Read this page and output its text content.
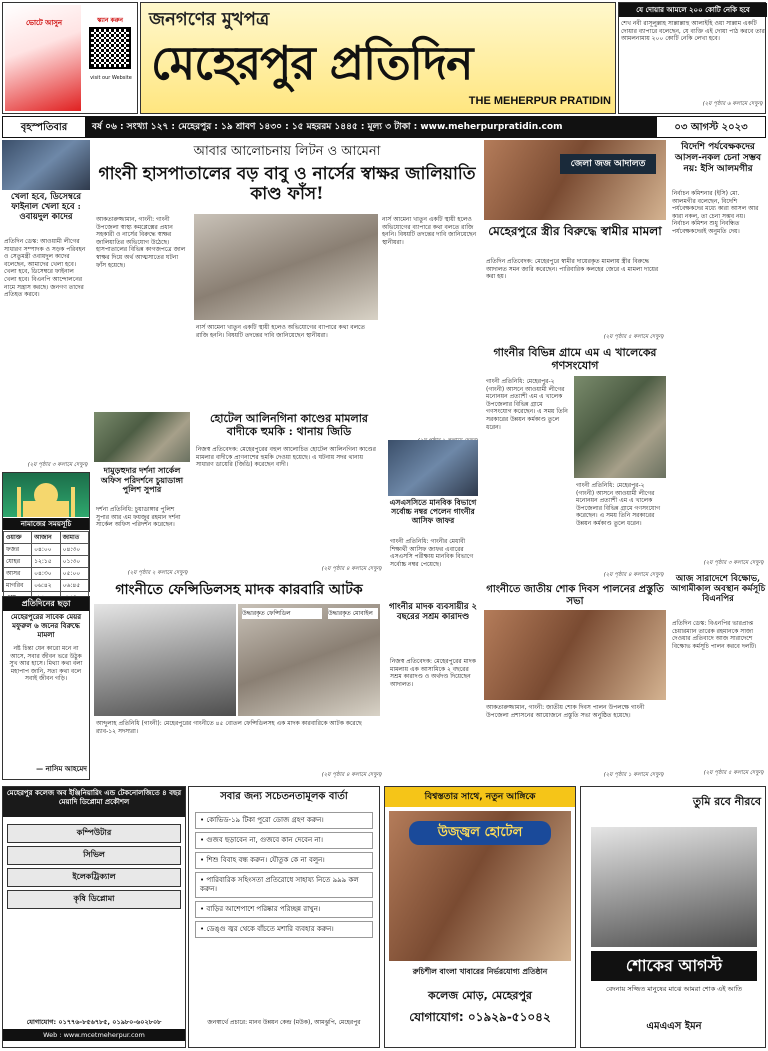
ভোটে আসুন	স্ক্যান করুন
visit our Website
জনগণের মুখপত্র
মেহেরপুর প্রতিদিন
THE MEHERPUR PRATIDIN
যে দোয়ার আমলে ২০০ কোটি নেকি হবে
শেখ নবী রাসূলুল্লাহ সাল্লাল্লাহু আলাইহি ওয়া সাল্লাম একটি দোয়ার ব্যাপারে বলেছেন, যে ব্যক্তি এই দোয়া পাঠ করবে তার আমলনামায় ২০০ কোটি নেকি লেখা হবে।
(২য় পৃষ্ঠার ৬ কলামে দেখুন)
বৃহস্পতিবার	বর্ষ ০৬ : সংখ্যা ১২৭ : মেহেরপুর : ১৯ শ্রাবণ ১৪৩০ : ১৫ মহররম ১৪৪৫ : মূল্য ৩ টাকা : www.meherpurpratidin.com	০৩ আগস্ট ২০২৩
খেলা হবে, ডিসেম্বরে ফাইনাল খেলা হবে : ওবায়দুল কাদের
প্রতিদিন ডেস্ক: আওয়ামী লীগের সাধারণ সম্পাদক ও সড়ক পরিবহন ও সেতুমন্ত্রী ওবায়দুল কাদের বলেছেন, আমাদের খেলা হবে। খেলা হবে, ডিসেম্বরে ফাইনাল খেলা হবে। বিএনপি আন্দোলনের নামে সন্ত্রাস করছে। জনগণ তাদের প্রতিহত করবে।
(২য় পৃষ্ঠার ৩ কলামে দেখুন)
আবার আলোচনায় লিটন ও আমেনা
গাংনী হাসপাতালের বড় বাবু ও নার্সের স্বাক্ষর জালিয়াতি কাণ্ড ফাঁস!
আকতারুজ্জামান, গাংনী: গাংনী উপজেলা স্বাস্থ্য কমপ্লেক্সের প্রধান সহকারী ও নার্সের বিরুদ্ধে স্বাক্ষর জালিয়াতির অভিযোগ উঠেছে। হাসপাতালের বিভিন্ন কাগজপত্রে জাল স্বাক্ষর দিয়ে অর্থ আত্মসাতের ঘটনা ফাঁস হয়েছে।
নার্স আমেনা খাতুন একটি স্থায়ী হলেও অভিযোগের ব্যাপারে কথা বলতে রাজি হননি। বিষয়টি তদন্তের দাবি জানিয়েছেন স্থানীয়রা।
নার্স আমেনা খাতুন একটি স্থায়ী হলেও অভিযোগের ব্যাপারে কথা বলতে রাজি হননি। বিষয়টি তদন্তের দাবি জানিয়েছেন স্থানীয়রা।
জেলা জজ আদালত
মেহেরপুরে স্ত্রীর বিরুদ্ধে স্বামীর মামলা
প্রতিদিন প্রতিবেদক: মেহেরপুরে স্বামীর দায়েরকৃত মামলায় স্ত্রীর বিরুদ্ধে আদালত সমন জারি করেছেন। পারিবারিক কলহের জেরে এ মামলা দায়ের করা হয়।
(২য় পৃষ্ঠার ৫ কলামে দেখুন)
বিদেশি পর্যবেক্ষকদের আসল-নকল চেনা সম্ভব নয়: ইসি আলমগীর
নির্বাচন কমিশনার (ইসি) মো. আলমগীর বলেছেন, বিদেশি পর্যবেক্ষকদের মধ্যে কারা আসল আর কারা নকল, তা চেনা সম্ভব নয়। নির্বাচন কমিশন শুধু নিবন্ধিত পর্যবেক্ষকদেরই অনুমতি দেয়।
(২য় পৃষ্ঠার ৩ কলামে দেখুন)
হোটেল আলিনগিনা কাণ্ডের মামলার বাদীকে হুমকি : থানায় জিডি
নিজস্ব প্রতিবেদক: মেহেরপুরের বহুল আলোচিত হোটেল আলিনগিনা কাণ্ডের মামলার বাদীকে প্রাণনাশের হুমকি দেওয়া হয়েছে। এ ঘটনায় সদর থানায় সাধারণ ডায়েরি (জিডি) করেছেন বাদী।
(২য় পৃষ্ঠার ৪ কলামে দেখুন)
এসএসসিতে মানবিক বিভাগে সর্বোচ্চ নম্বর পেলেন গাংনীর আসিফ জাফর
গাংনী প্রতিনিধি: গাংনীর মেধাবী শিক্ষার্থী আসিফ জাফর এবারের এসএসসি পরীক্ষায় মানবিক বিভাগে সর্বোচ্চ নম্বর পেয়েছে।
দামুড়হুদার দর্শনা সার্কেল অফিস পরিদর্শনে চুয়াডাঙ্গা পুলিশ সুপার
দর্শনা প্রতিনিধি: চুয়াডাঙ্গার পুলিশ সুপার আর এম ফয়জুর রহমান দর্শনা সার্কেল অফিস পরিদর্শন করেছেন।
(২য় পৃষ্ঠার ২ কলামে দেখুন)
নামাজের সময়সূচি
ওয়াক্ত	আজান	জামাত
ফজর	০৪:০০	০৪:৩০
যোহর	১২:১৫	০১:৩০
আসর	০৪:৩০	০৫:০০
মাগরিব	০৬:৪২	০৬:৪৫

গাংনীর বিভিন্ন গ্রামে এম এ খালেকের গণসংযোগ
গাংনী প্রতিনিধি: মেহেরপুর-২ (গাংনী) আসনে আওয়ামী লীগের মনোনয়ন প্রত্যাশী এম এ খালেক উপজেলার বিভিন্ন গ্রামে গণসংযোগ করেছেন। এ সময় তিনি সরকারের উন্নয়ন কর্মকাণ্ড তুলে ধরেন।
গাংনী প্রতিনিধি: মেহেরপুর-২ (গাংনী) আসনে আওয়ামী লীগের মনোনয়ন প্রত্যাশী এম এ খালেক উপজেলার বিভিন্ন গ্রামে গণসংযোগ করেছেন। এ সময় তিনি সরকারের উন্নয়ন কর্মকাণ্ড তুলে ধরেন।
(২য় পৃষ্ঠার ৪ কলামে দেখুন)
প্রতিদিনের ছড়া
মেহেরপুরের সাবেক মেয়র মফুরুল ৬ জনের বিরুদ্ধে মামলা
নষ্ট চিন্তা যেন কারো মনে না আসে, সবার জীবন ভরে উঠুক সুখ আর হাসে। মিথ্যা কথা বলা মহাপাপ জানি, সত্য কথা বলে সবাই জীবন গড়ি।
— নাসিম আহমেদ
গাংনীতে ফেন্সিডিলসহ মাদক কারবারি আটক
উদ্ধারকৃত ফেন্সিডিল	উদ্ধারকৃত মোবাইল
আব্দুলাহ প্রতিনিধি (গাংনী): মেহেরপুরের গাংনীতে ৪৫ বোতল ফেন্সিডিলসহ এক মাদক কারবারিকে আটক করেছে র‍্যাব-১২ সদস্যরা।
(২য় পৃষ্ঠার ৪ কলামে দেখুন)
গাংনীর মাদক ব্যবসায়ীর ২ বছরের সশ্রম কারাদণ্ড
নিজস্ব প্রতিবেদক: মেহেরপুরের মাদক মামলায় এক আসামিকে ২ বছরের সশ্রম কারাদণ্ড ও অর্থদণ্ড দিয়েছেন আদালত।
গাংনীতে জাতীয় শোক দিবস পালনের প্রস্তুতি সভা
আকতারুজ্জামান, গাংনী: জাতীয় শোক দিবস পালন উপলক্ষে গাংনী উপজেলা প্রশাসনের আয়োজনে প্রস্তুতি সভা অনুষ্ঠিত হয়েছে।
(২য় পৃষ্ঠার ১ কলামে দেখুন)
আজ সারাদেশে বিক্ষোভ, আগামীকাল অবস্থান কর্মসূচি বিএনপির
প্রতিদিন ডেস্ক: বিএনপির ভারপ্রাপ্ত চেয়ারম্যান তারেক রহমানকে সাজা দেওয়ার প্রতিবাদে আজ সারাদেশে বিক্ষোভ কর্মসূচি পালন করবে দলটি।
(২য় পৃষ্ঠার ৫ কলামে দেখুন)
মেহেরপুর কলেজ অব ইঞ্জিনিয়ারিং এন্ড টেকনোলজিতে ৪ বছর মেয়াদি ডিপ্লোমা প্রকৌশল
কম্পিউটার
সিভিল
ইলেকট্রিক্যাল
কৃষি ডিপ্লোমা
যোগাযোগ: ০১৭৭৬-৮৫৬৭৮৫, ০১৯৮০-৬০২৮০৮
Web : www.mcetmeherpur.com
সবার জন্য সচেতনতামূলক বার্তা
• কোভিড-১৯ টিকা পুরো ডোজ গ্রহণ করুন।
• গুজব ছড়াবেন না, গুজবে কান দেবেন না।
• শিশু বিবাহ বন্ধ করুন। যৌতুক কে না বলুন।
• পারিবারিক সহিংসতা প্রতিরোধে সাহায্য নিতে ৯৯৯ কল করুন।
• বাড়ির আশেপাশে পরিষ্কার পরিচ্ছন্ন রাখুন।
• ডেঙ্গু জ্বর থেকে বাঁচতে মশারি ব্যবহার করুন।
জনস্বার্থে প্রচারে: মানব উন্নয়ন কেন্দ্র (মউক), আমঝুপি, মেহেরপুর
বিশ্বস্ততার সাথে, নতুন আঙ্গিকে
উজ্জ্বল হোটেল
রুচিশীল বাংলা খাবারের নির্ভরযোগ্য প্রতিষ্ঠান
কলেজ মোড়, মেহেরপুর
যোগাযোগ: ০১৯২৯-৫১০৪২
তুমি রবে নীরবে
শোকের আগস্ট
বেদনায় সজ্জিত মানুষের মাঝে আমরা শোক এই আতি
এমএএস ইমন
